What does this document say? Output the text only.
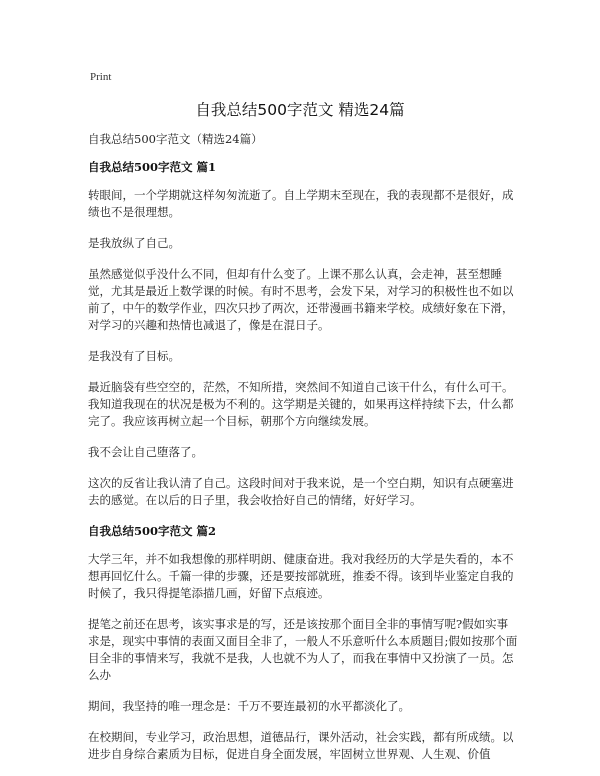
Print
自我总结500字范文 精选24篇

自我总结500字范文（精选24篇）

自我总结500字范文 篇1

转眼间，一个学期就这样匆匆流逝了。自上学期末至现在，我的表现都不是很好，成绩也不是很理想。

是我放纵了自己。

虽然感觉似乎没什么不同，但却有什么变了。上课不那么认真，会走神，甚至想睡觉，尤其是最近上数学课的时候。有时不思考，会发下呆，对学习的积极性也不如以前了，中午的数学作业，四次只抄了两次，还带漫画书籍来学校。成绩好象在下滑，对学习的兴趣和热情也减退了，像是在混日子。

是我没有了目标。

最近脑袋有些空空的，茫然，不知所措，突然间不知道自己该干什么，有什么可干。我知道我现在的状况是极为不利的。这学期是关键的，如果再这样持续下去，什么都完了。我应该再树立起一个目标，朝那个方向继续发展。

我不会让自己堕落了。

这次的反省让我认清了自己。这段时间对于我来说，是一个空白期，知识有点硬塞进去的感觉。在以后的日子里，我会收拾好自己的情绪，好好学习。

自我总结500字范文 篇2

大学三年，并不如我想像的那样明朗、健康奋进。我对我经历的大学是失看的，本不想再回忆什么。千篇一律的步骤，还是要按部就班，推委不得。该到毕业鉴定自我的时候了，我只得提笔添描几画，好留下点痕迹。

提笔之前还在思考，该实事求是的写，还是该按那个面目全非的事情写呢?假如实事求是，现实中事情的表面又面目全非了，一般人不乐意听什么本质题目;假如按那个面目全非的事情来写，我就不是我，人也就不为人了，而我在事情中又扮演了一员。怎么办

期间，我坚持的唯一理念是：千万不要连最初的水平都淡化了。

在校期间，专业学习，政治思想，道德品行，课外活动，社会实践，都有所成绩。以进步自身综合素质为目标，促进自身全面发展，牢固树立世界观、人生观、价值
